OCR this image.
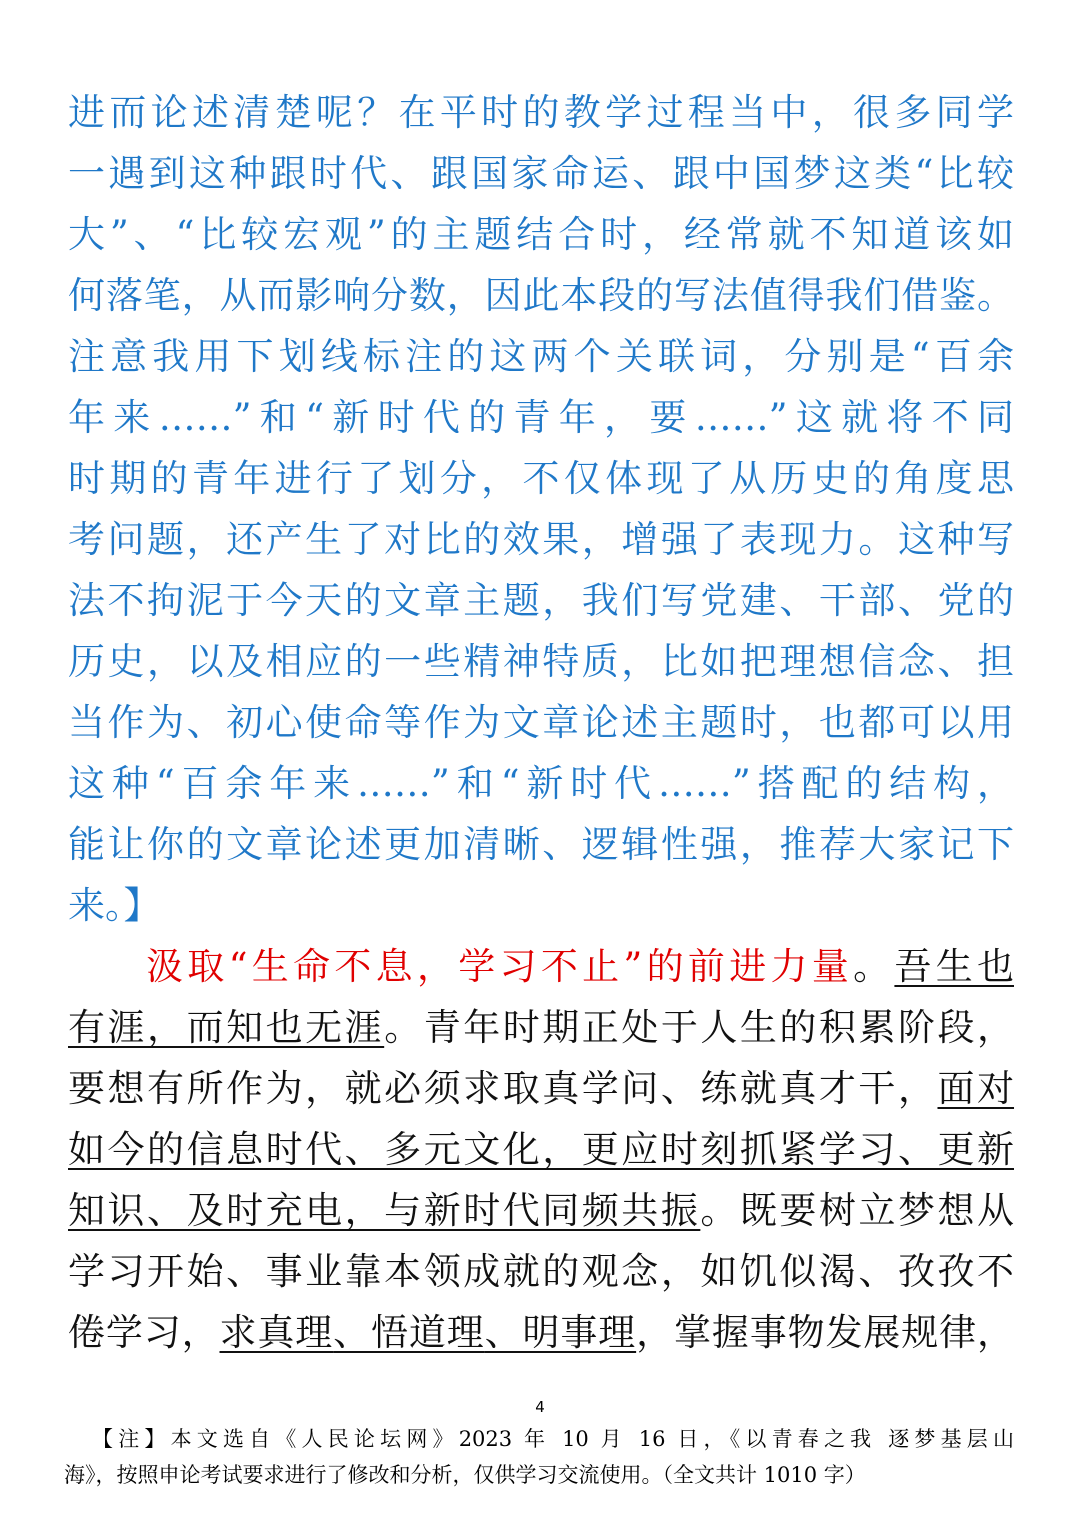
进而论述清楚呢？在平时的教学过程当中，很多同学
一遇到这种跟时代、跟国家命运、跟中国梦这类“比较
大”、“比较宏观”的主题结合时，经常就不知道该如
何落笔，从而影响分数，因此本段的写法值得我们借鉴。
注意我用下划线标注的这两个关联词，分别是“百余
年来……”和“新时代的青年，要……”这就将不同
时期的青年进行了划分，不仅体现了从历史的角度思
考问题，还产生了对比的效果，增强了表现力。这种写
法不拘泥于今天的文章主题，我们写党建、干部、党的
历史，以及相应的一些精神特质，比如把理想信念、担
当作为、初心使命等作为文章论述主题时，也都可以用
这种“百余年来……”和“新时代……”搭配的结构，
能让你的文章论述更加清晰、逻辑性强，推荐大家记下
来。】
汲取“生命不息，学习不止”的前进力量。吾生也
有涯，而知也无涯。青年时期正处于人生的积累阶段，
要想有所作为，就必须求取真学问、练就真才干，面对
如今的信息时代、多元文化，更应时刻抓紧学习、更新
知识、及时充电，与新时代同频共振。既要树立梦想从
学习开始、事业靠本领成就的观念，如饥似渴、孜孜不
倦学习，求真理、悟道理、明事理，掌握事物发展规律，
4
【注】本文选自《人民论坛网》2023 年 10 月 16 日，《以青春之我 逐梦基层山
海》，按照申论考试要求进行了修改和分析，仅供学习交流使用。（全文共计 1010 字）
